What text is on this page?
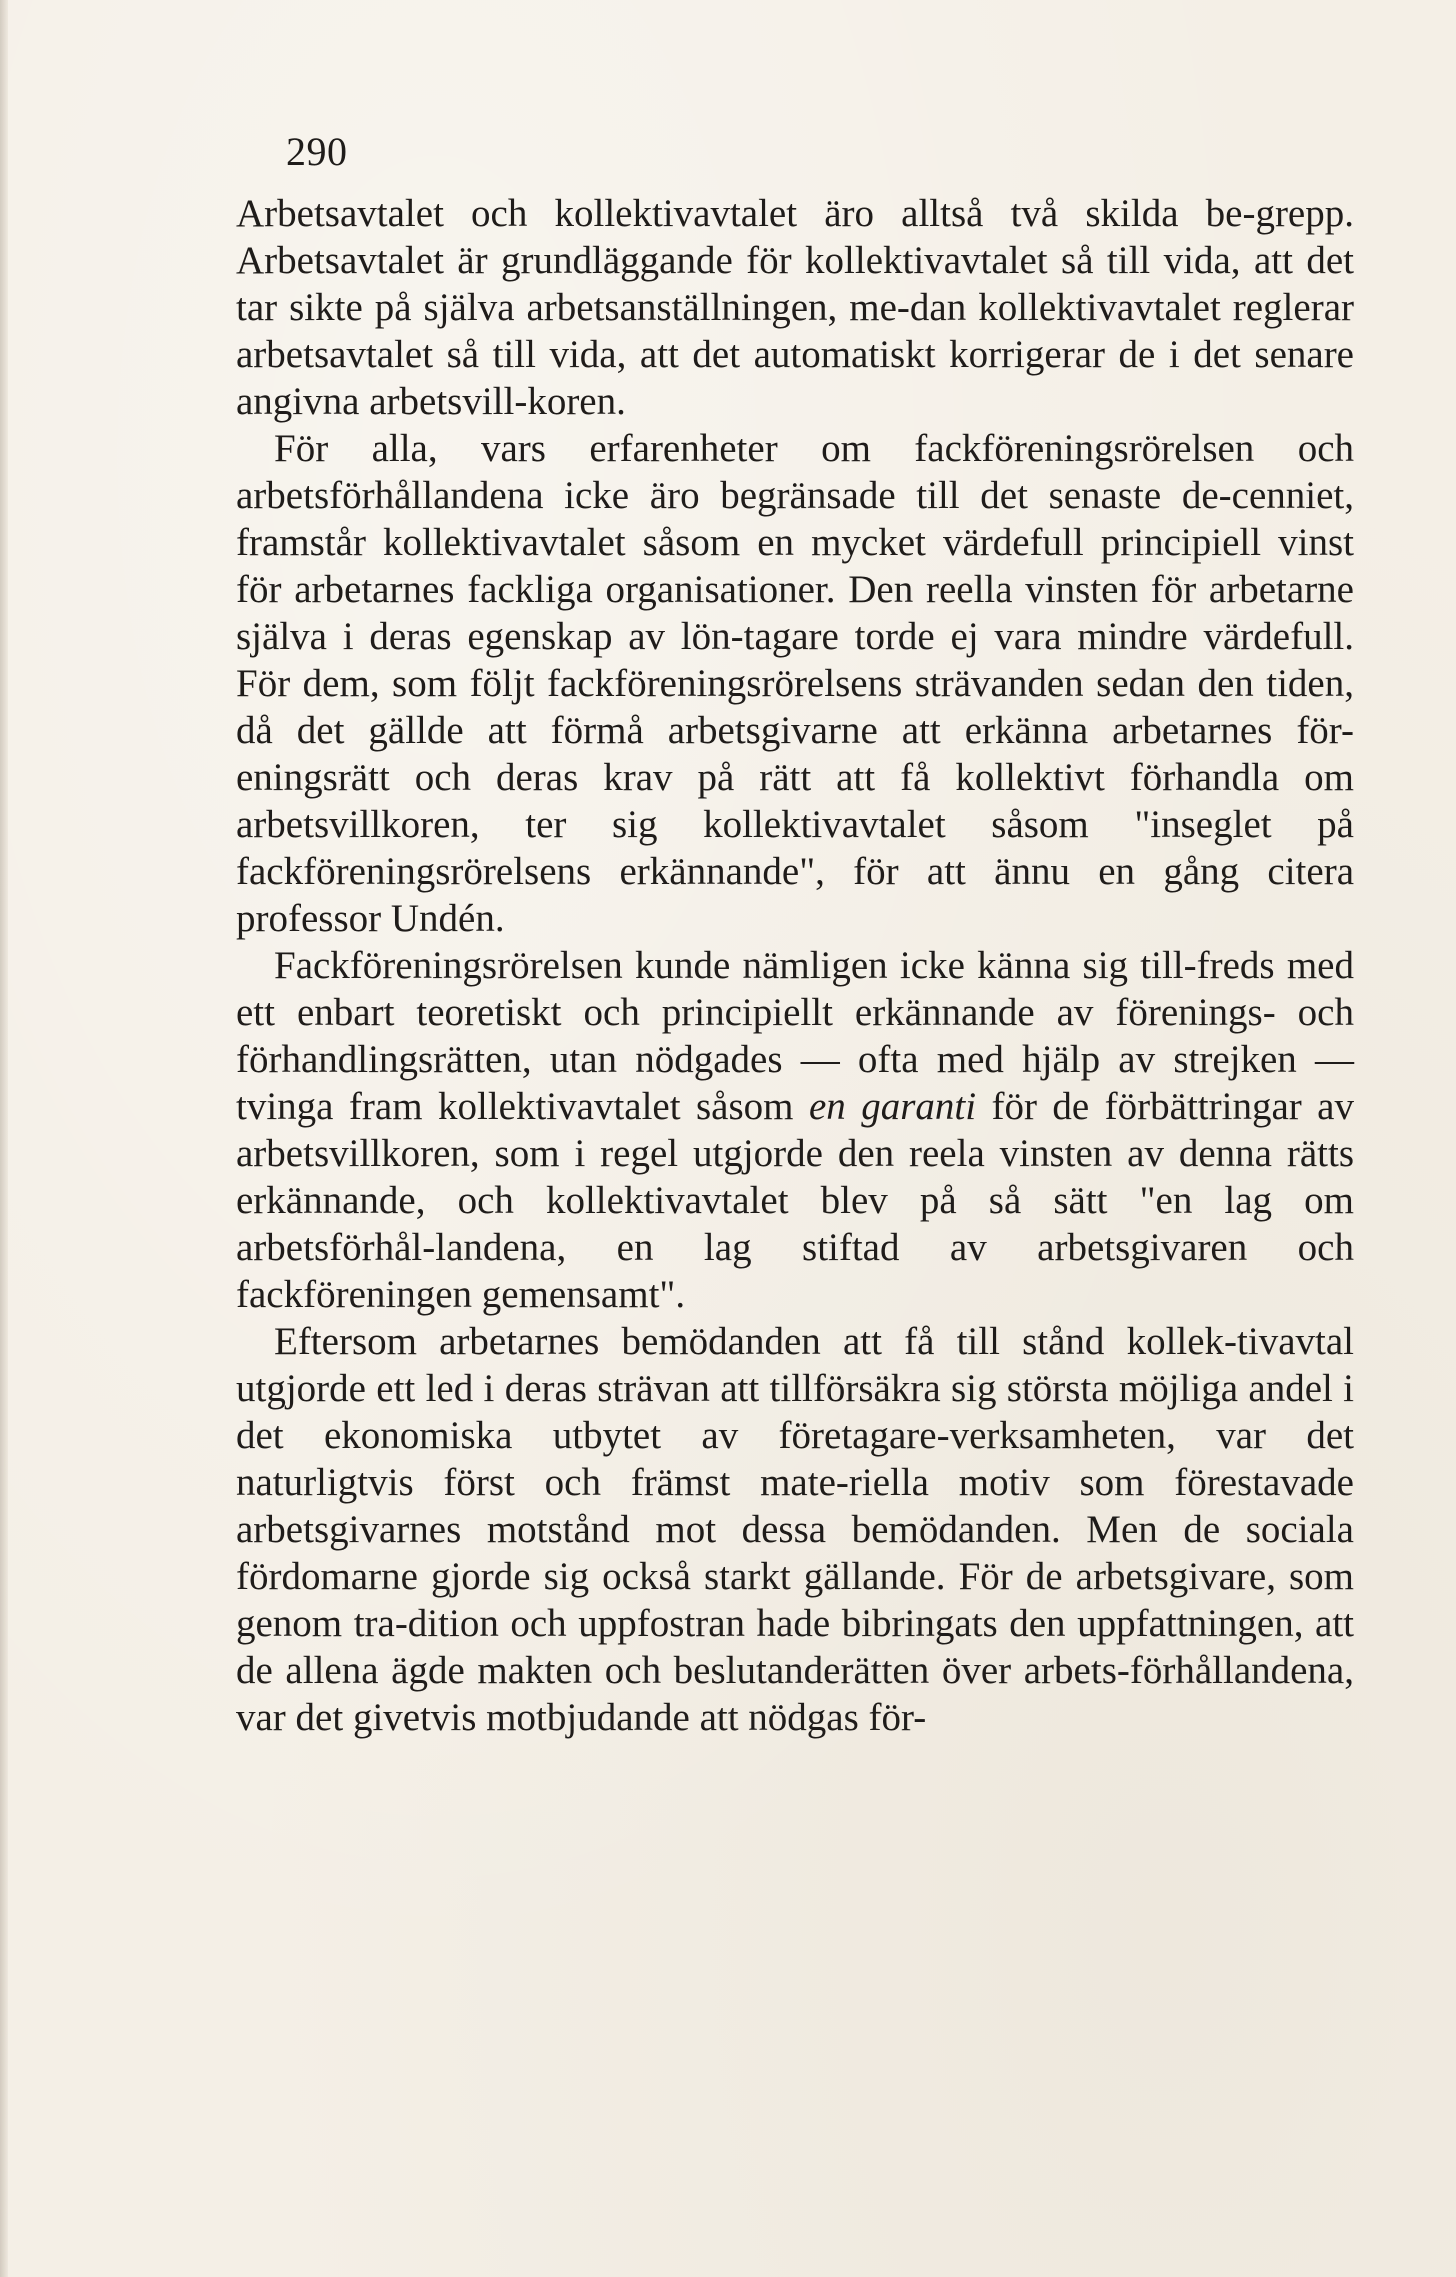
290

Arbetsavtalet och kollektivavtalet äro alltså två skilda be-grepp. Arbetsavtalet är grundläggande för kollektivavtalet så till vida, att det tar sikte på själva arbetsanställningen, me-dan kollektivavtalet reglerar arbetsavtalet så till vida, att det automatiskt korrigerar de i det senare angivna arbetsvill-koren.

För alla, vars erfarenheter om fackföreningsrörelsen och arbetsförhållandena icke äro begränsade till det senaste de-cenniet, framstår kollektivavtalet såsom en mycket värdefull principiell vinst för arbetarnes fackliga organisationer. Den reella vinsten för arbetarne själva i deras egenskap av lön-tagare torde ej vara mindre värdefull. För dem, som följt fackföreningsrörelsens strävanden sedan den tiden, då det gällde att förmå arbetsgivarne att erkänna arbetarnes för-eningsrätt och deras krav på rätt att få kollektivt förhandla om arbetsvillkoren, ter sig kollektivavtalet såsom "inseglet på fackföreningsrörelsens erkännande", för att ännu en gång citera professor Undén.

Fackföreningsrörelsen kunde nämligen icke känna sig till-freds med ett enbart teoretiskt och principiellt erkännande av förenings- och förhandlingsrätten, utan nödgades — ofta med hjälp av strejken — tvinga fram kollektivavtalet såsom en garanti för de förbättringar av arbetsvillkoren, som i regel utgjorde den reela vinsten av denna rätts erkännande, och kollektivavtalet blev på så sätt "en lag om arbetsförhål-landena, en lag stiftad av arbetsgivaren och fackföreningen gemensamt".

Eftersom arbetarnes bemödanden att få till stånd kollek-tivavtal utgjorde ett led i deras strävan att tillförsäkra sig största möjliga andel i det ekonomiska utbytet av företagare-verksamheten, var det naturligtvis först och främst mate-riella motiv som förestavade arbetsgivarnes motstånd mot dessa bemödanden. Men de sociala fördomarne gjorde sig också starkt gällande. För de arbetsgivare, som genom tra-dition och uppfostran hade bibringats den uppfattningen, att de allena ägde makten och beslutanderätten över arbets-förhållandena, var det givetvis motbjudande att nödgas för-
